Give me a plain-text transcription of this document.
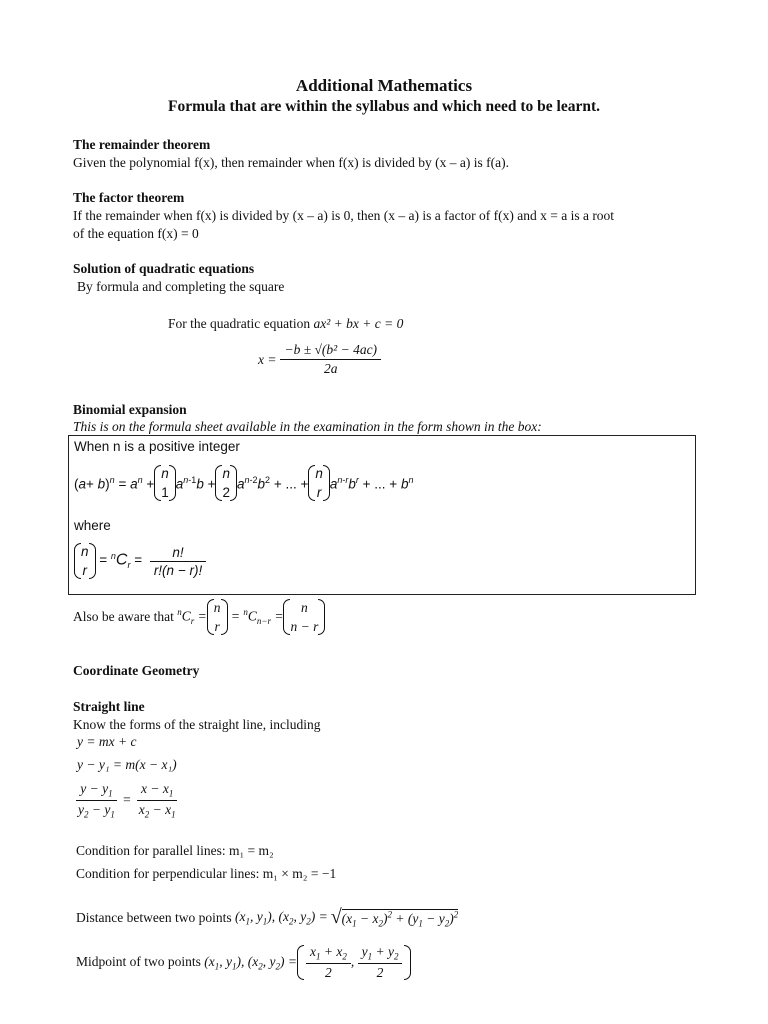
Additional Mathematics
Formula that are within the syllabus and which need to be learnt.
The remainder theorem
Given the polynomial f(x), then remainder when f(x) is divided by (x – a) is f(a).
The factor theorem
If the remainder when f(x) is divided by (x – a) is 0, then (x – a) is a factor of f(x) and x = a is a root
of the equation f(x) = 0
Solution of quadratic equations
By formula and completing the square
For the quadratic equation ax² + bx + c = 0
$x = \frac{\text{−b ± √(b² − 4ac)}}{2a}$
Binomial expansion
This is on the formula sheet available in the examination in the form shown in the box:
When n is a positive integer
$(a+ b)^n = a^n$ +
n
1
$a^{n-1}b$ +
n
2
$a^{n-2}b^2$ + ... +
n
r
$a^{n-r}b^r$ + ... + $b^n$
where
n
r
= $^nC_r = \frac{n!}{r!(n - r)!}$
Also be aware that $^nC_r$ =
n
r
= $^nC_{n-r}$ =
n
n − r
Coordinate Geometry
Straight line
Know the forms of the straight line, including
y = mx + c
y − y₁ = m(x − x₁)
$\frac{y - y_1}{y_2 - y_1} = \frac{x - x_1}{x_2 - x_1}$
Condition for parallel lines: m₁ = m₂
Condition for perpendicular lines: m₁ × m₂ = −1
Distance between two points ($x_1$, $y_1$), ($x_2$, $y_2) = √(x_1 - x_2)^2 + (y_1 - y_2)^2$
Midpoint of two points ($x_1$, $y_1$), ($x_2$, $y_2) = \frac{x_1 + x_2}{2}$ , $\frac{y_1 + y_2}{2}$
